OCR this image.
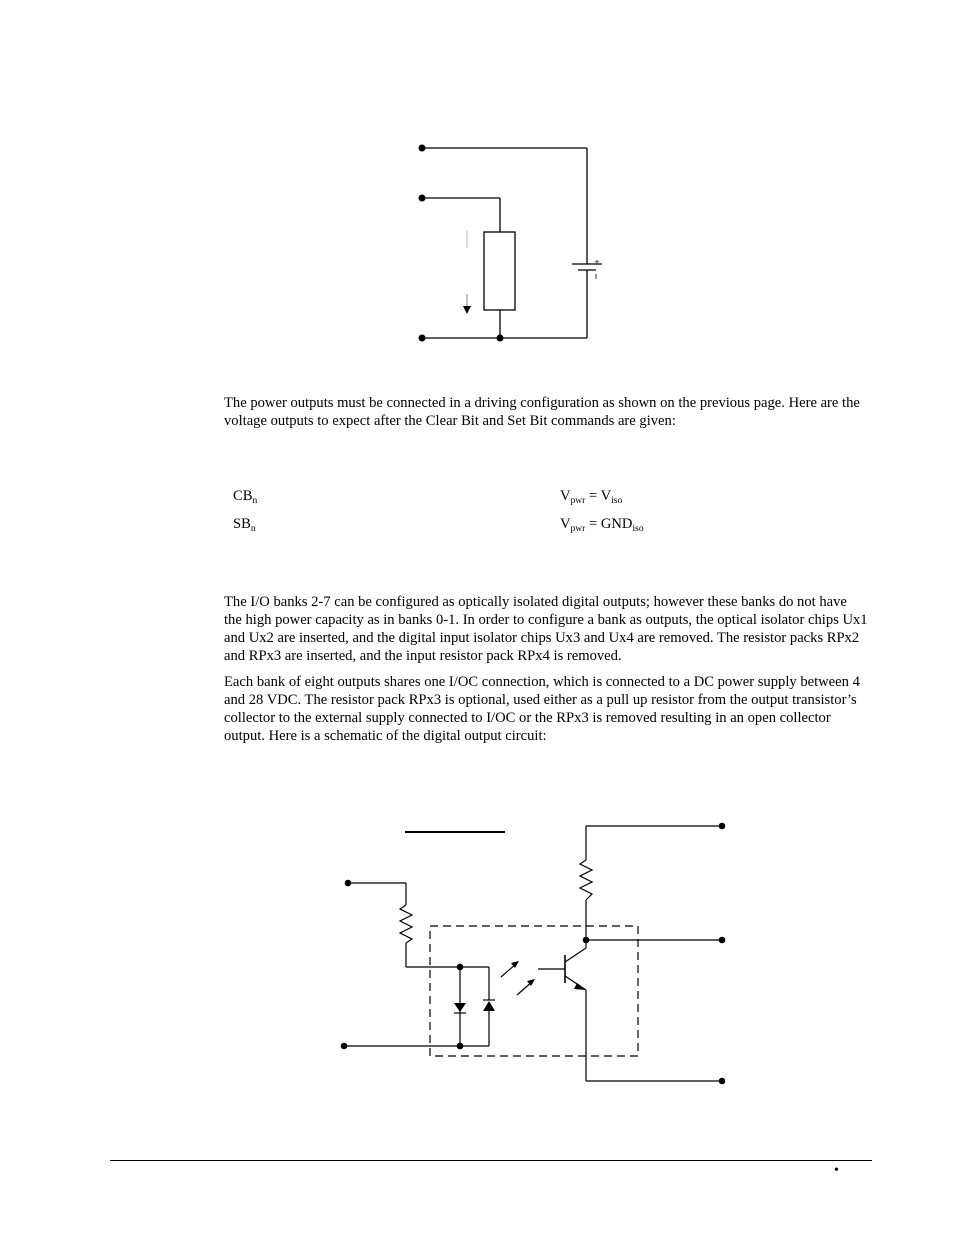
+

The power outputs must be connected in a driving configuration as shown on the previous page. Here are the voltage outputs to expect after the Clear Bit and Set Bit commands are given:

$CB_n$	$V_{pwr} = V_{iso}$
$SB_n$	$V_{pwr} = GND_{iso}$

The I/O banks 2-7 can be configured as optically isolated digital outputs; however these banks do not have the high power capacity as in banks 0-1. In order to configure a bank as outputs, the optical isolator chips Ux1 and Ux2 are inserted, and the digital input isolator chips Ux3 and Ux4 are removed. The resistor packs RPx2 and RPx3 are inserted, and the input resistor pack RPx4 is removed.

Each bank of eight outputs shares one I/OC connection, which is connected to a DC power supply between 4 and 28 VDC. The resistor pack RPx3 is optional, used either as a pull up resistor from the output transistor’s collector to the external supply connected to I/OC or the RPx3 is removed resulting in an open collector output. Here is a schematic of the digital output circuit:

•
